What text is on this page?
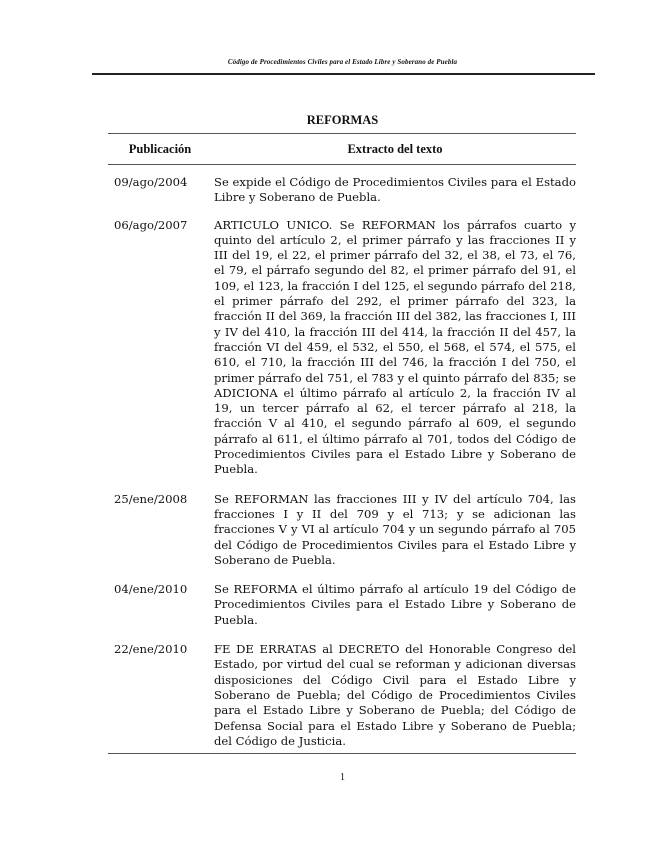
Código de Procedimientos Civiles para el Estado Libre y Soberano de Puebla
REFORMAS
Publicación	Extracto del texto
09/ago/2004	Se expide el Código de Procedimientos Civiles para el Estado Libre y Soberano de Puebla.
06/ago/2007	ARTICULO UNICO. Se REFORMAN los párrafos cuarto y quinto del artículo 2, el primer párrafo y las fracciones II y III del 19, el 22, el primer párrafo del 32, el 38, el 73, el 76, el 79, el párrafo segundo del 82, el primer párrafo del 91, el 109, el 123, la fracción I del 125, el segundo párrafo del 218, el primer párrafo del 292, el primer párrafo del 323, la fracción II del 369, la fracción III del 382, las fracciones I, III y IV del 410, la fracción III del 414, la fracción II del 457, la fracción VI del 459, el 532, el 550, el 568, el 574, el 575, el 610, el 710, la fracción III del 746, la fracción I del 750, el primer párrafo del 751, el 783 y el quinto párrafo del 835; se ADICIONA el último párrafo al artículo 2, la fracción IV al 19, un tercer párrafo al 62, el tercer párrafo al 218, la fracción V al 410, el segundo párrafo al 609, el segundo párrafo al 611, el último párrafo al 701, todos del Código de Procedimientos Civiles para el Estado Libre y Soberano de Puebla.
25/ene/2008	Se REFORMAN las fracciones III y IV del artículo 704, las fracciones I y II del 709 y el 713; y se adicionan las fracciones V y VI al artículo 704 y un segundo párrafo al 705 del Código de Procedimientos Civiles para el Estado Libre y Soberano de Puebla.
04/ene/2010	Se REFORMA el último párrafo al artículo 19 del Código de Procedimientos Civiles para el Estado Libre y Soberano de Puebla.
22/ene/2010	FE DE ERRATAS al DECRETO del Honorable Congreso del Estado, por virtud del cual se reforman y adicionan diversas disposiciones del Código Civil para el Estado Libre y Soberano de Puebla; del Código de Procedimientos Civiles para el Estado Libre y Soberano de Puebla; del Código de Defensa Social para el Estado Libre y Soberano de Puebla; del Código de Justicia.
1
